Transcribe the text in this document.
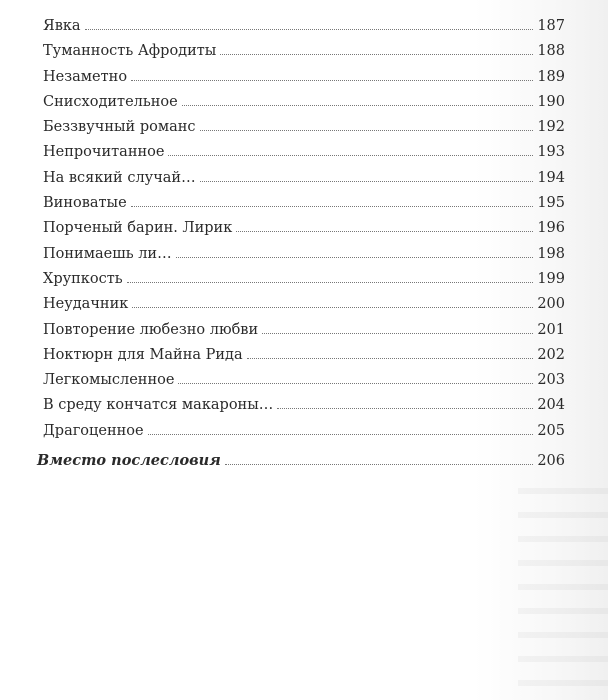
Явка	187
Туманность Афродиты	188
Незаметно	189
Снисходительное	190
Беззвучный романс	192
Непрочитанное	193
На всякий случай…	194
Виноватые	195
Порченый барин. Лирик	196
Понимаешь ли…	198
Хрупкость	199
Неудачник	200
Повторение любезно любви	201
Ноктюрн для Майна Рида	202
Легкомысленное	203
В среду кончатся макароны…	204
Драгоценное	205
Вместо послесловия	206
